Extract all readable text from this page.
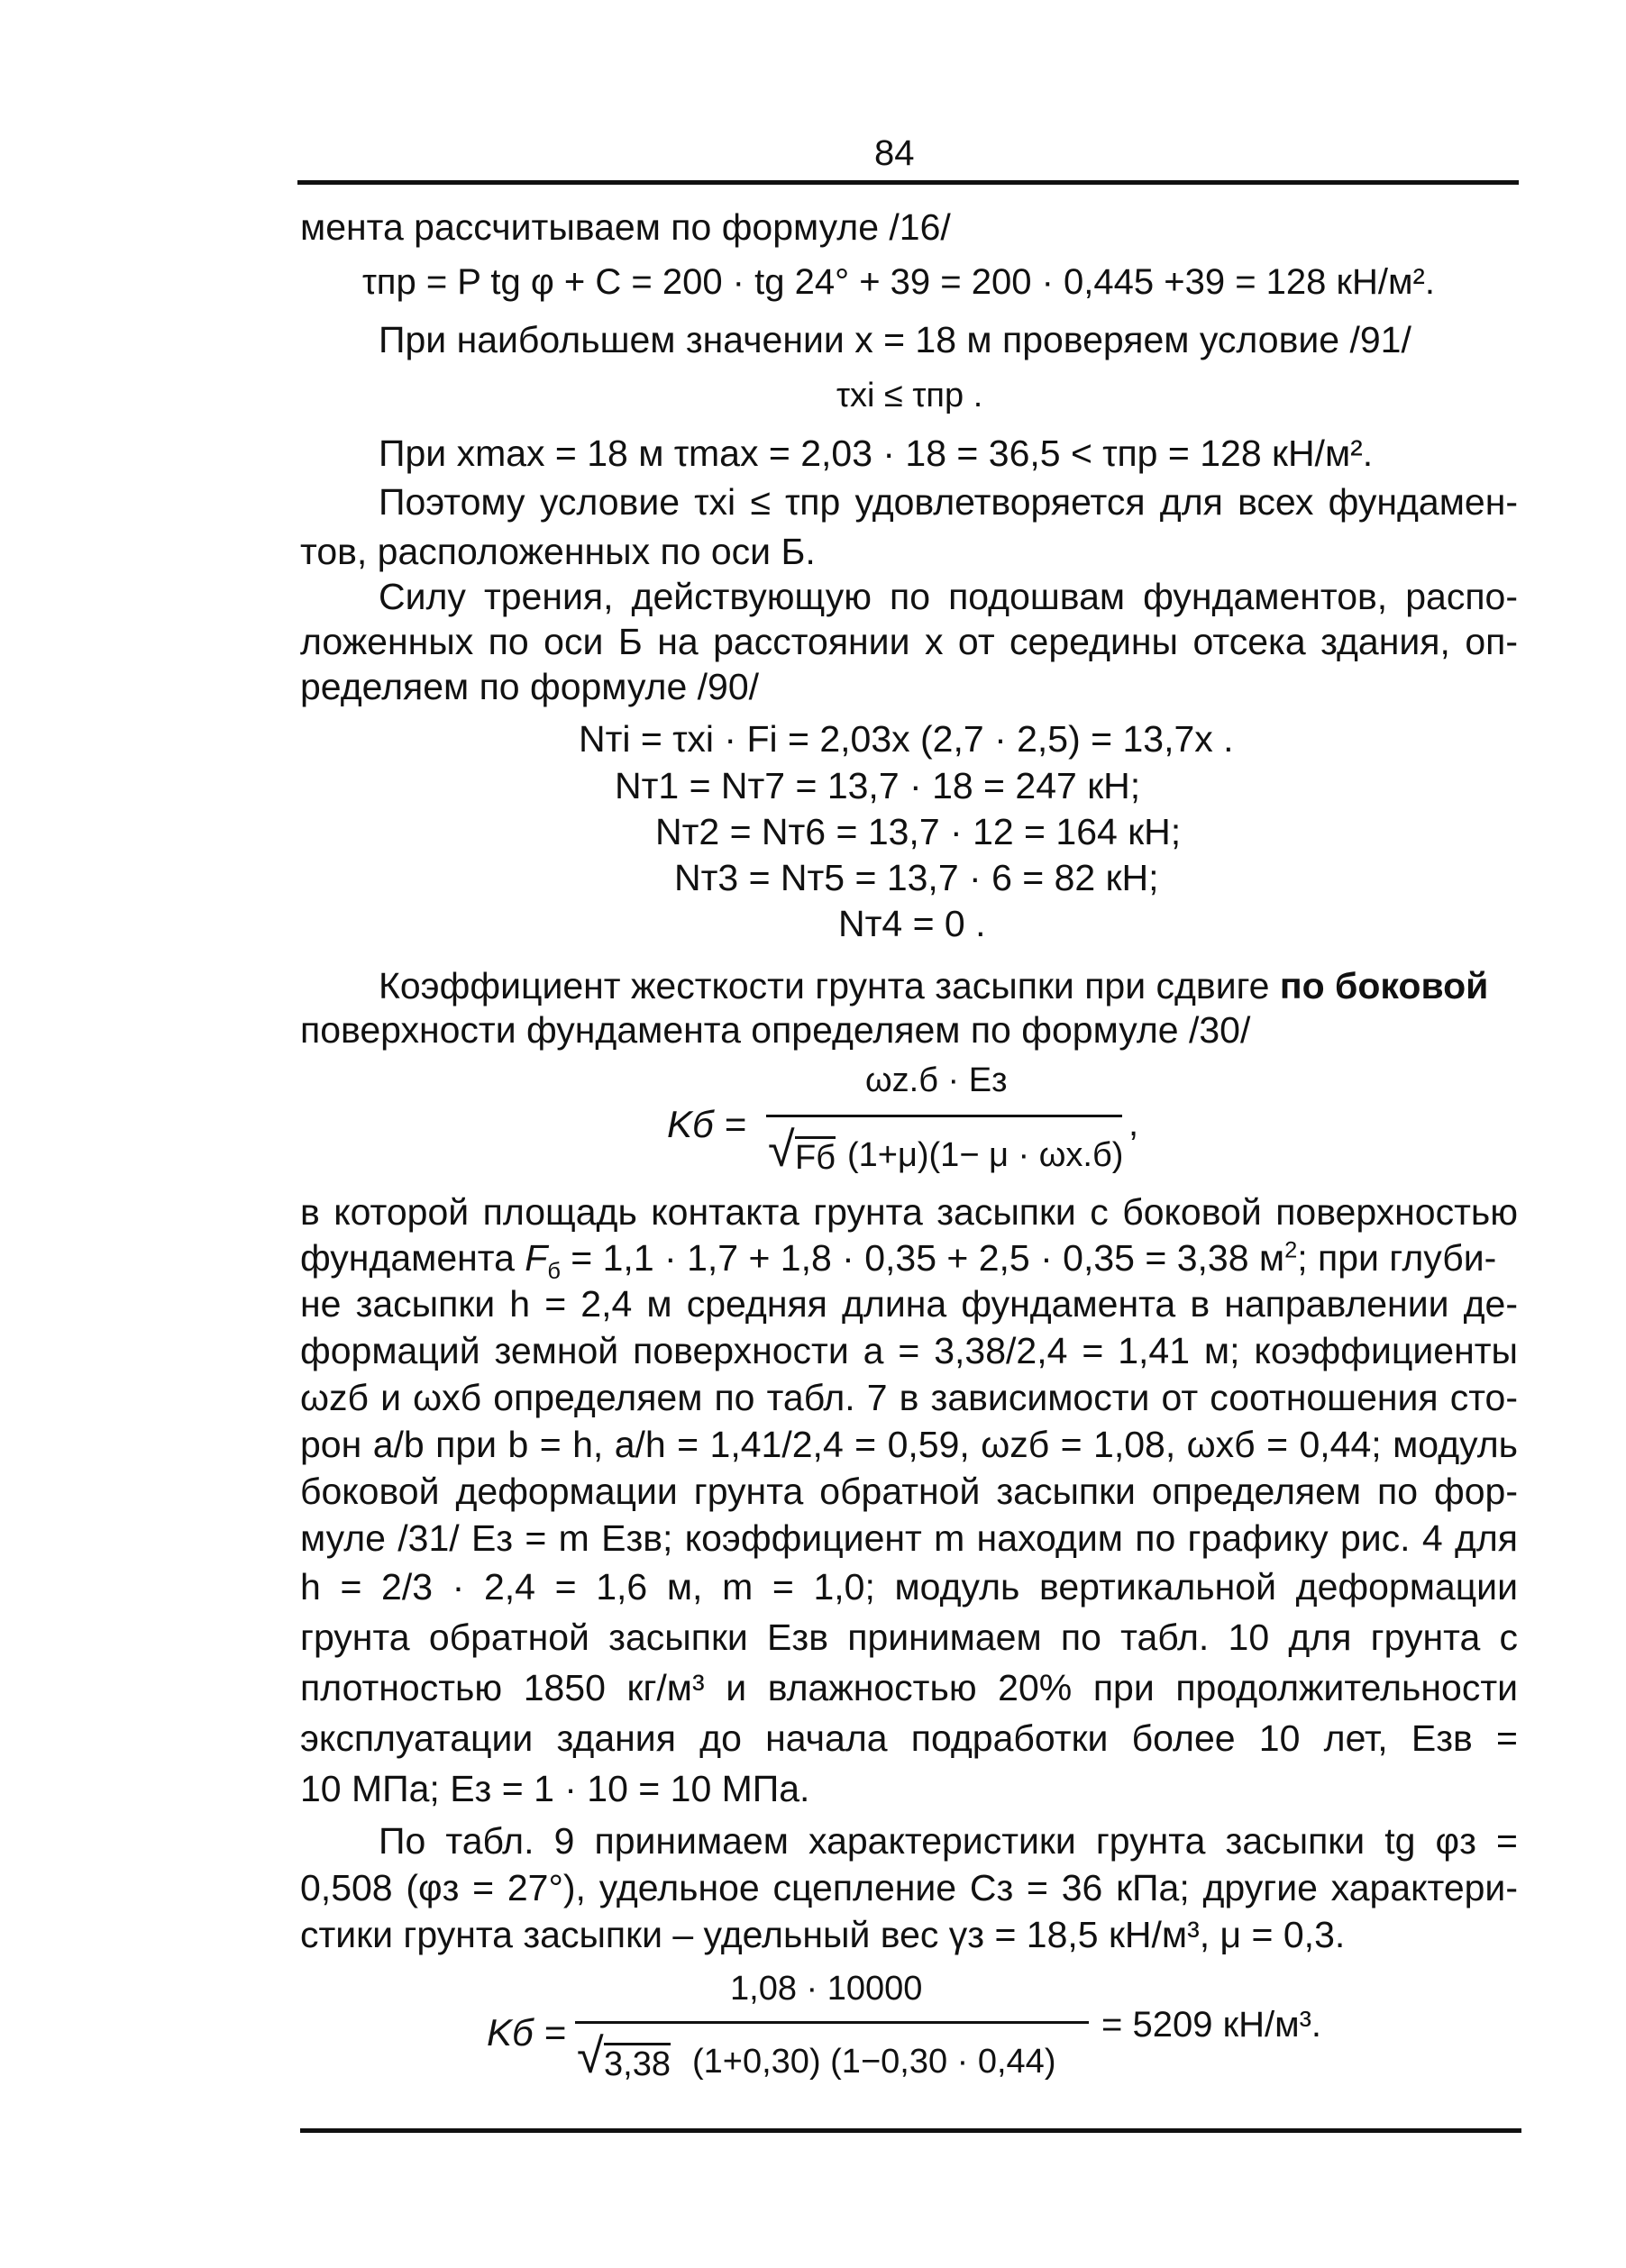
84
мента рассчитываем по формуле /16/
τпр = P tg φ + C = 200 · tg 24° + 39 = 200 · 0,445 +39 = 128 кН/м².
При наибольшем значении x = 18 м проверяем условие /91/
τxi ≤ τпр .
При xmax = 18 м τmax = 2,03 · 18 = 36,5 < τпр = 128 кН/м².
Поэтому условие τxi ≤ τпр удовлетворяется для всех фундамен-
тов, расположенных по оси Б.
Силу трения, действующую по подошвам фундаментов, распо-
ложенных по оси Б на расстоянии x от середины отсека здания, оп-
ределяем по формуле /90/
Nтi = τxi · Fi = 2,03x (2,7 · 2,5) = 13,7x .
Nт1 = Nт7 = 13,7 · 18 = 247 кН;
Nт2 = Nт6 = 13,7 · 12 = 164 кН;
Nт3 = Nт5 = 13,7 · 6 = 82 кН;
Nт4 = 0 .
Коэффициент жесткости грунта засыпки при сдвиге по боковой
поверхности фундамента определяем по формуле /30/
Kб =
ωz.б · Eз
√ Fб (1+μ)(1− μ · ωx.б)
,
в которой площадь контакта грунта засыпки с боковой поверхностью
фундамента $F_б = 1,1 \cdot 1,7 + 1,8 \cdot 0,35 + 2,5 \cdot 0,35 = 3,38$ $м^2$; при глуби-
не засыпки h = 2,4 м средняя длина фундамента в направлении де-
формаций земной поверхности a = 3,38/2,4 = 1,41 м; коэффициенты
ωzб и ωxб определяем по табл. 7 в зависимости от соотношения сто-
рон a/b при b = h, a/h = 1,41/2,4 = 0,59, ωzб = 1,08, ωxб = 0,44; модуль
боковой деформации грунта обратной засыпки определяем по фор-
муле /31/ Eз = m Eзв; коэффициент m находим по графику рис. 4 для
h = 2/3 · 2,4 = 1,6 м, m = 1,0; модуль вертикальной деформации
грунта обратной засыпки Eзв принимаем по табл. 10 для грунта с
плотностью 1850 кг/м³ и влажностью 20% при продолжительности
эксплуатации здания до начала подработки более 10 лет, Eзв =
10 МПа; Eз = 1 · 10 = 10 МПа.
По табл. 9 принимаем характеристики грунта засыпки tg φз =
0,508 (φз = 27°), удельное сцепление Cз = 36 кПа; другие характери-
стики грунта засыпки – удельный вес γз = 18,5 кН/м³, μ = 0,3.
Kб =
1,08 · 10000
√ 3,38 (1+0,30) (1−0,30 · 0,44)
= 5209 кН/м³.
